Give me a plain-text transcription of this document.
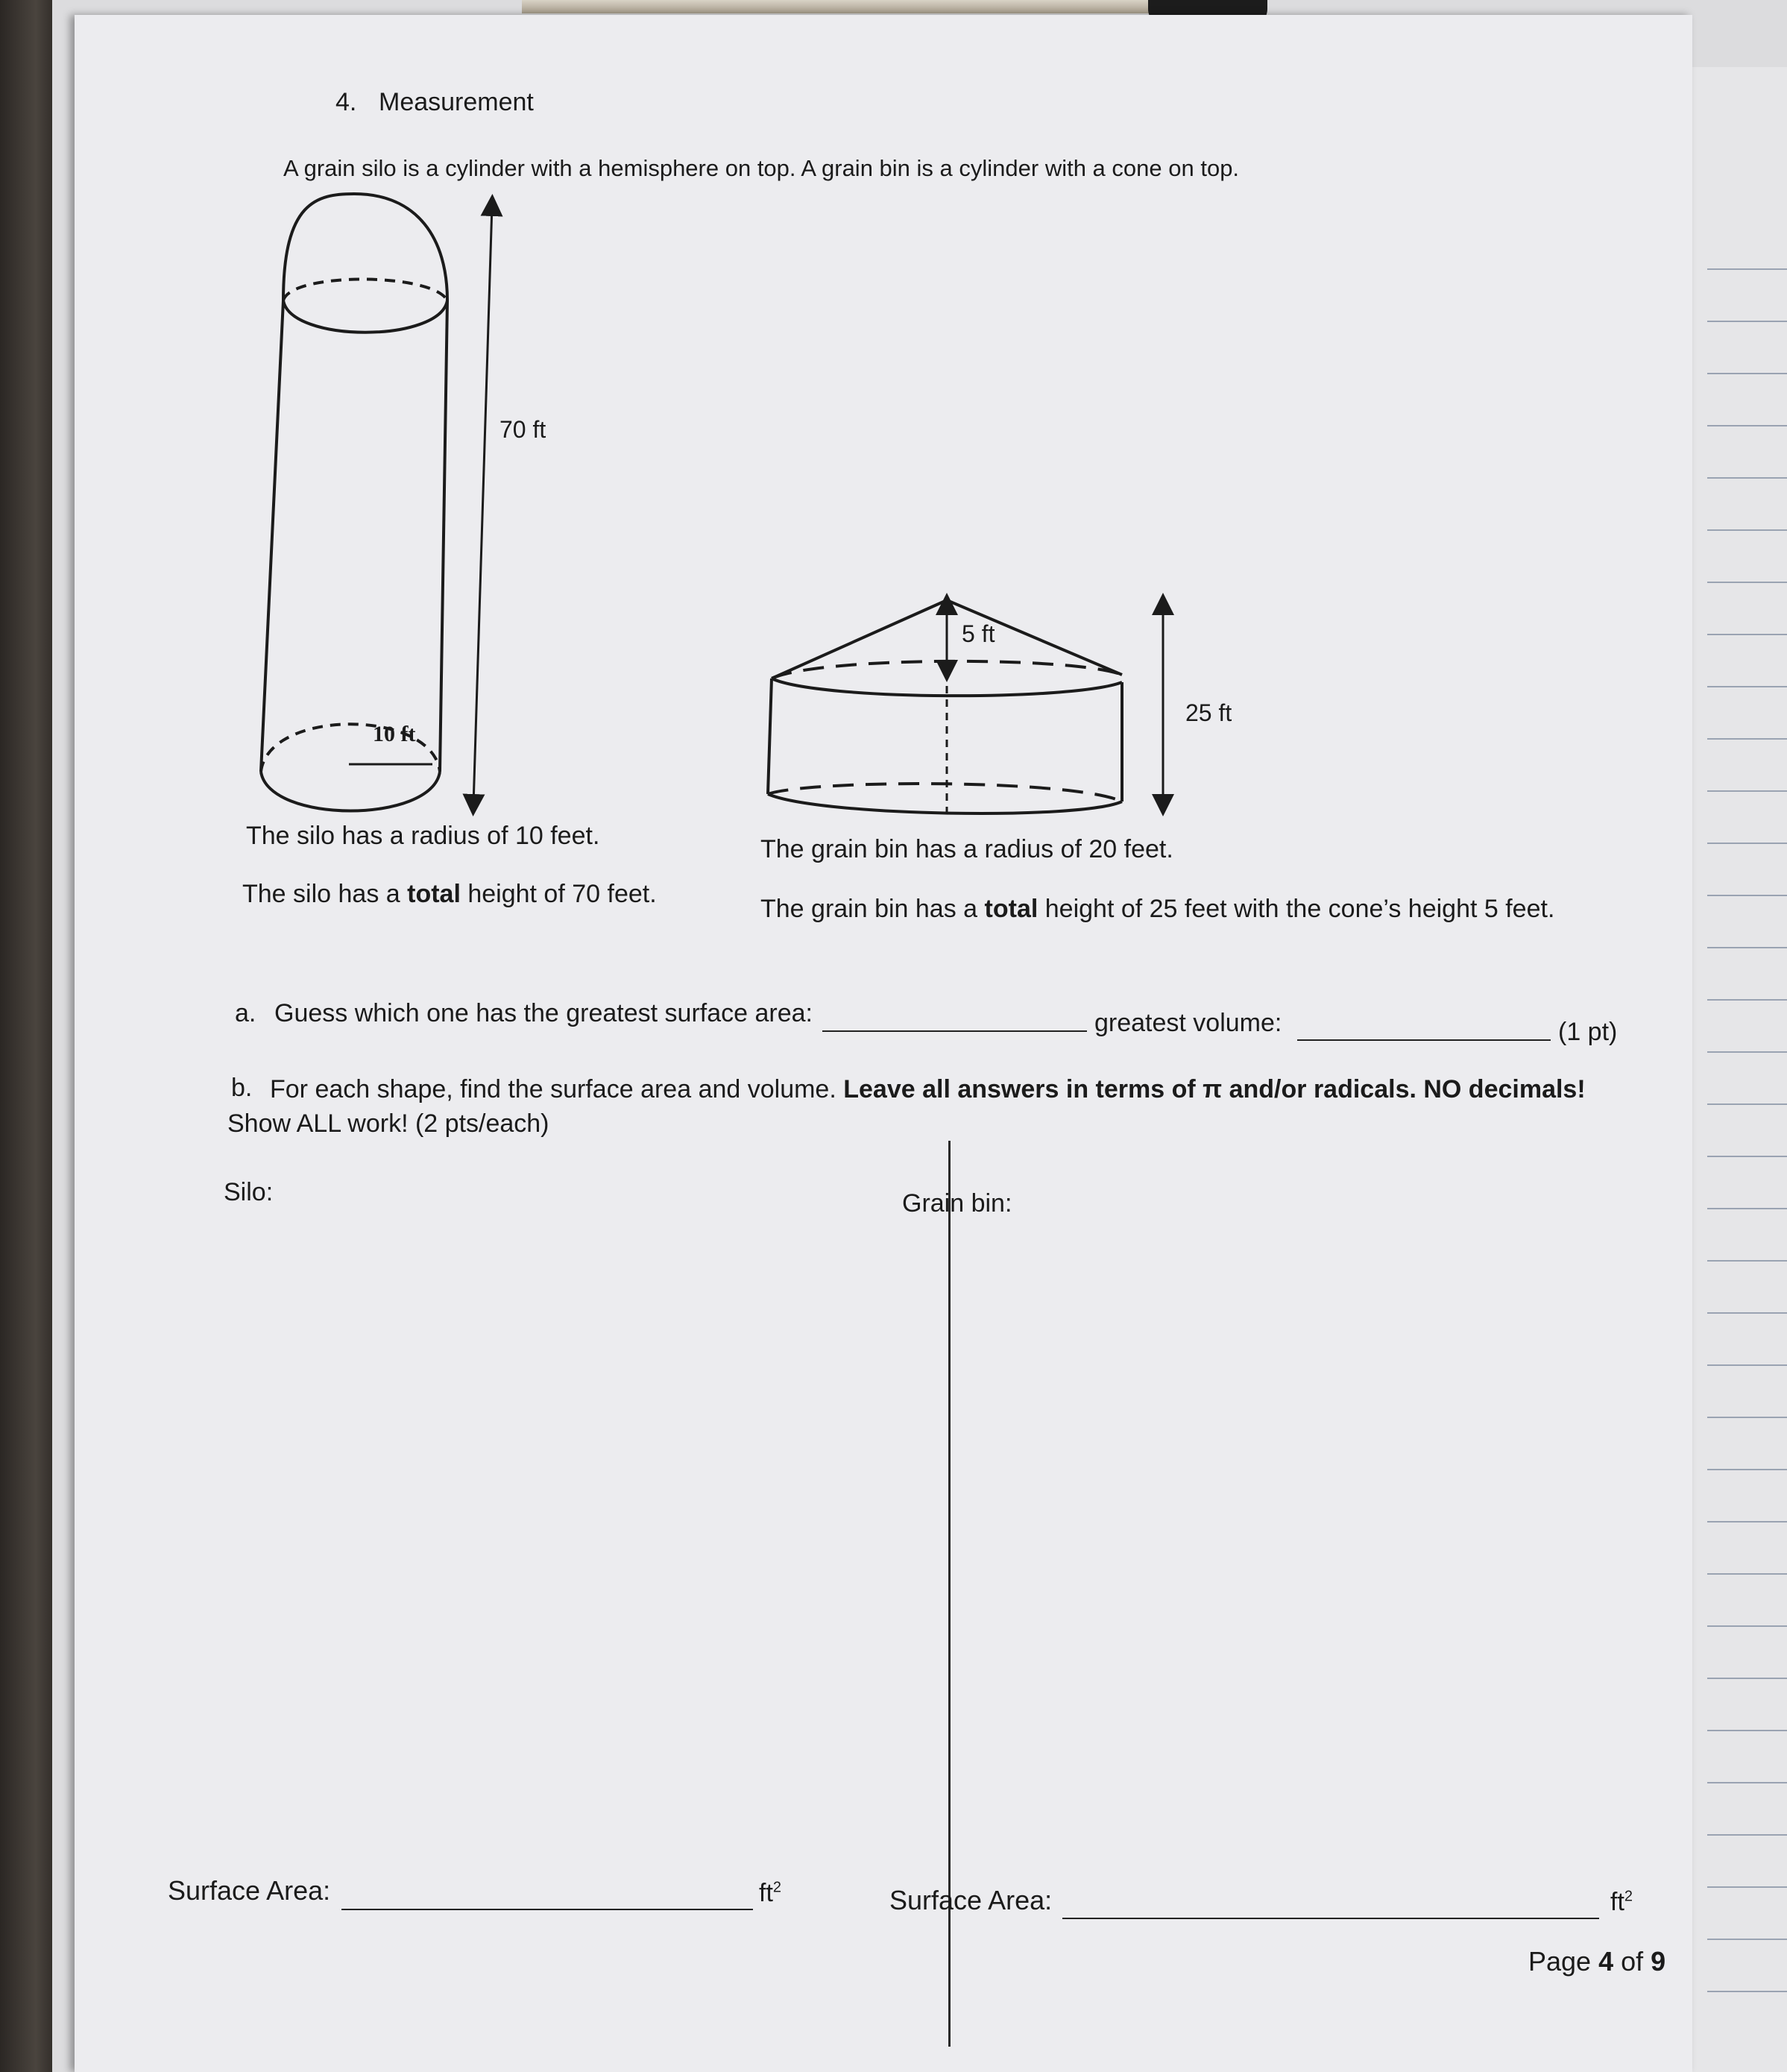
4. Measurement
A grain silo is a cylinder with a hemisphere on top. A grain bin is a cylinder with a cone on top.
70 ft
10 ft
5 ft
25 ft
The silo has a radius of 10 feet.	The grain bin has a radius of 20 feet.
The silo has a total height of 70 feet.
The grain bin has a total height of 25 feet with the cone’s height 5 feet.
a. Guess which one has the greatest surface area:	greatest volume:	(1 pt)
b. For each shape, find the surface area and volume. Leave all answers in terms of π and/or radicals. NO decimals!
Show ALL work! (2 pts/each)
Silo:	Grain bin:
Surface Area:	$ft^2$	Surface Area:	$ft^2$
Page 4 of 9
